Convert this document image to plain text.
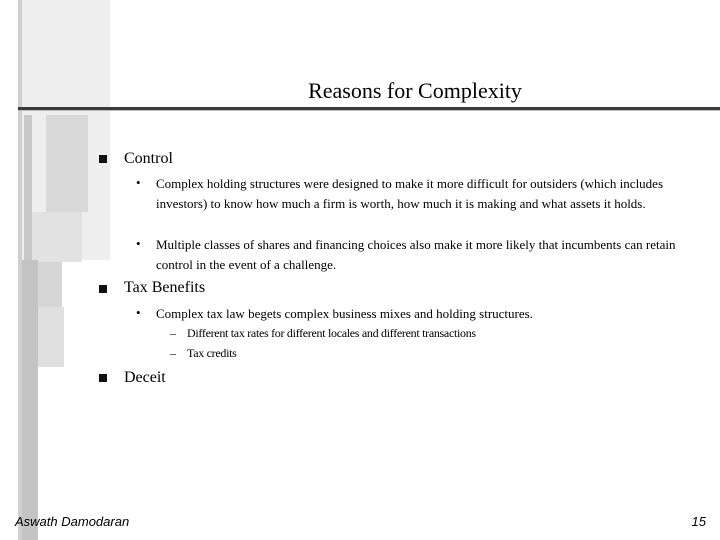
Reasons for Complexity
Control
• Complex holding structures were designed to make it more difficult for outsiders (which includes investors) to know how much a firm is worth, how much it is making and what assets it holds.
• Multiple classes of shares and financing choices also make it more likely that incumbents can retain control in the event of a challenge.
Tax Benefits
• Complex tax law begets complex business mixes and holding structures.
– Different tax rates for different locales and different transactions
– Tax credits
Deceit
Aswath Damodaran	15
